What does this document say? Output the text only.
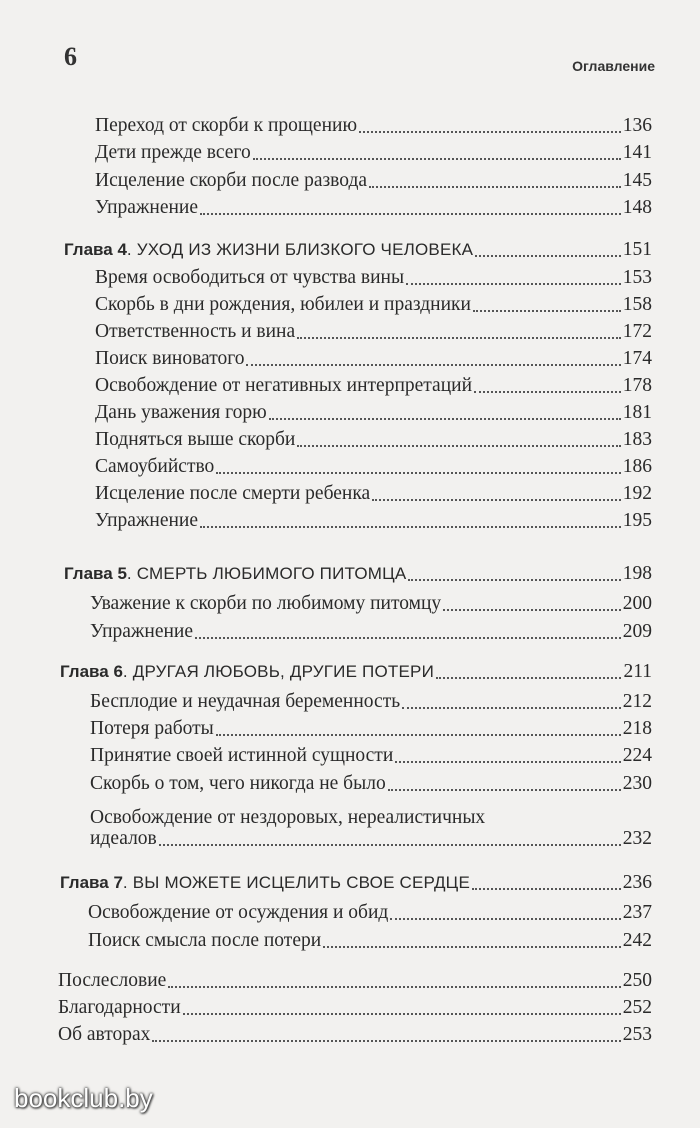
6	Оглавление
Переход от скорби к прощению	136
Дети прежде всего	141
Исцеление скорби после развода	145
Упражнение	148
Глава 4. УХОД ИЗ ЖИЗНИ БЛИЗКОГО ЧЕЛОВЕКА	151
Время освободиться от чувства вины	153
Скорбь в дни рождения, юбилеи и праздники	158
Ответственность и вина	172
Поиск виноватого	174
Освобождение от негативных интерпретаций	178
Дань уважения горю	181
Подняться выше скорби	183
Самоубийство	186
Исцеление после смерти ребенка	192
Упражнение	195
Глава 5. СМЕРТЬ ЛЮБИМОГО ПИТОМЦА	198
Уважение к скорби по любимому питомцу	200
Упражнение	209
Глава 6. ДРУГАЯ ЛЮБОВЬ, ДРУГИЕ ПОТЕРИ	211
Бесплодие и неудачная беременность	212
Потеря работы	218
Принятие своей истинной сущности	224
Скорбь о том, чего никогда не было	230
Освобождение от нездоровых, нереалистичных
идеалов	232
Глава 7. ВЫ МОЖЕТЕ ИСЦЕЛИТЬ СВОЕ СЕРДЦЕ	236
Освобождение от осуждения и обид	237
Поиск смысла после потери	242
Послесловие	250
Благодарности	252
Об авторах	253
bookclub.by
